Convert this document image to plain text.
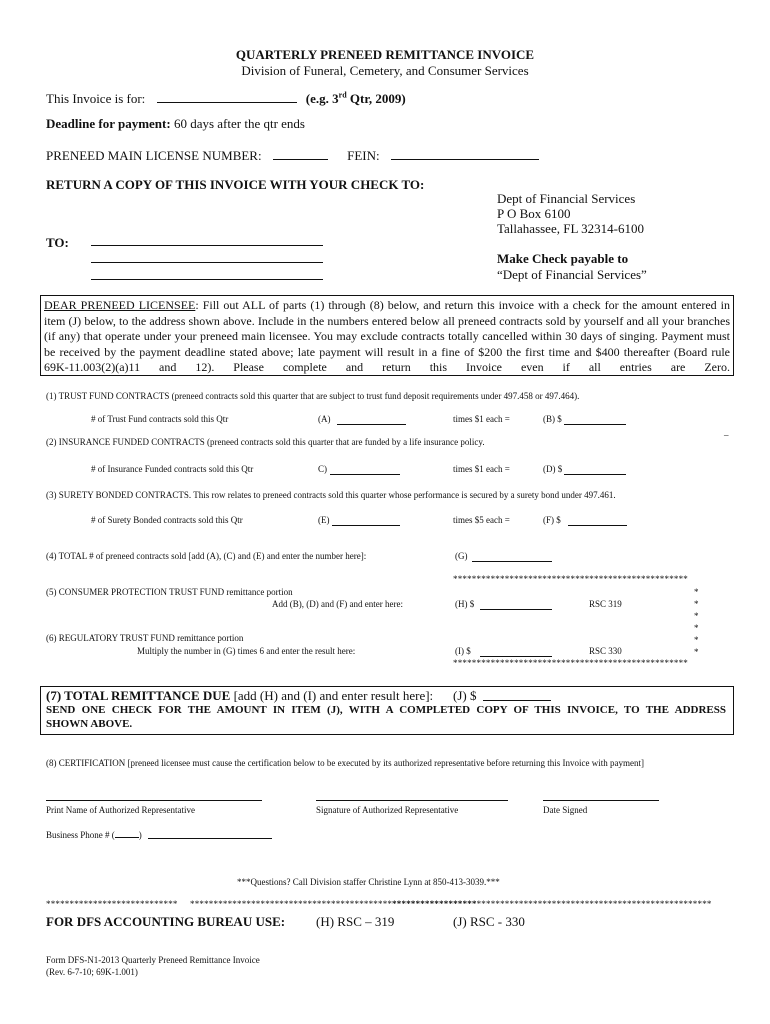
QUARTERLY PRENEED REMITTANCE INVOICE
Division of Funeral, Cemetery, and Consumer Services
This Invoice is for:	(e.g. 3rd Qtr, 2009)
Deadline for payment: 60 days after the qtr ends
PRENEED MAIN LICENSE NUMBER:	FEIN:
RETURN A COPY OF THIS INVOICE WITH YOUR CHECK TO:
Dept of Financial Services
P O Box 6100
Tallahassee, FL 32314-6100
TO:
Make Check payable to
“Dept of Financial Services”
DEAR PRENEED LICENSEE: Fill out ALL of parts (1) through (8) below, and return this invoice with a check for the amount entered in item (J) below, to the address shown above. Include in the numbers entered below all preneed contracts sold by yourself and all your branches (if any) that operate under your preneed main licensee. You may exclude contracts totally cancelled within 30 days of singing. Payment must be received by the payment deadline stated above; late payment will result in a fine of $200 the first time and $400 thereafter (Board rule 69K-11.003(2)(a)11 and 12). Please complete and return this Invoice even if all entries are Zero.
(1) TRUST FUND CONTRACTS (preneed contracts sold this quarter that are subject to trust fund deposit requirements under 497.458 or 497.464).
# of Trust Fund contracts sold this Qtr	(A)	times $1 each =	(B) $
_
(2) INSURANCE FUNDED CONTRACTS (preneed contracts sold this quarter that are funded by a life insurance policy.
# of Insurance Funded contracts sold this Qtr	C)	times $1 each =	(D) $
(3) SURETY BONDED CONTRACTS. This row relates to preneed contracts sold this quarter whose performance is secured by a surety bond under 497.461.
# of Surety Bonded contracts sold this Qtr	(E)	times $5 each =	(F) $
(4) TOTAL # of preneed contracts sold [add (A), (C) and (E) and enter the number here]:	(G)
**************************************************
*
*
*
*
*
*
(5) CONSUMER PROTECTION TRUST FUND remittance portion
Add (B), (D) and (F) and enter here:	(H) $	RSC 319
(6) REGULATORY TRUST FUND remittance portion
Multiply the number in (G) times 6 and enter the result here:	(I) $	RSC 330
**************************************************
(7) TOTAL REMITTANCE DUE [add (H) and (I) and enter result here]: (J) $
SEND ONE CHECK FOR THE AMOUNT IN ITEM (J), WITH A COMPLETED COPY OF THIS INVOICE, TO THE ADDRESS
SHOWN ABOVE.
(8) CERTIFICATION [preneed licensee must cause the certification below to be executed by its authorized representative before returning this Invoice with payment]
Print Name of Authorized Representative	Signature of Authorized Representative	Date Signed
Business Phone # (	)
***Questions? Call Division staffer Christine Lynn at 850-413-3039.***
****************************	*************************************************************
********************************************************************
FOR DFS ACCOUNTING BUREAU USE: (H) RSC – 319	(J) RSC - 330
Form DFS-N1-2013 Quarterly Preneed Remittance Invoice
(Rev. 6-7-10; 69K-1.001)
